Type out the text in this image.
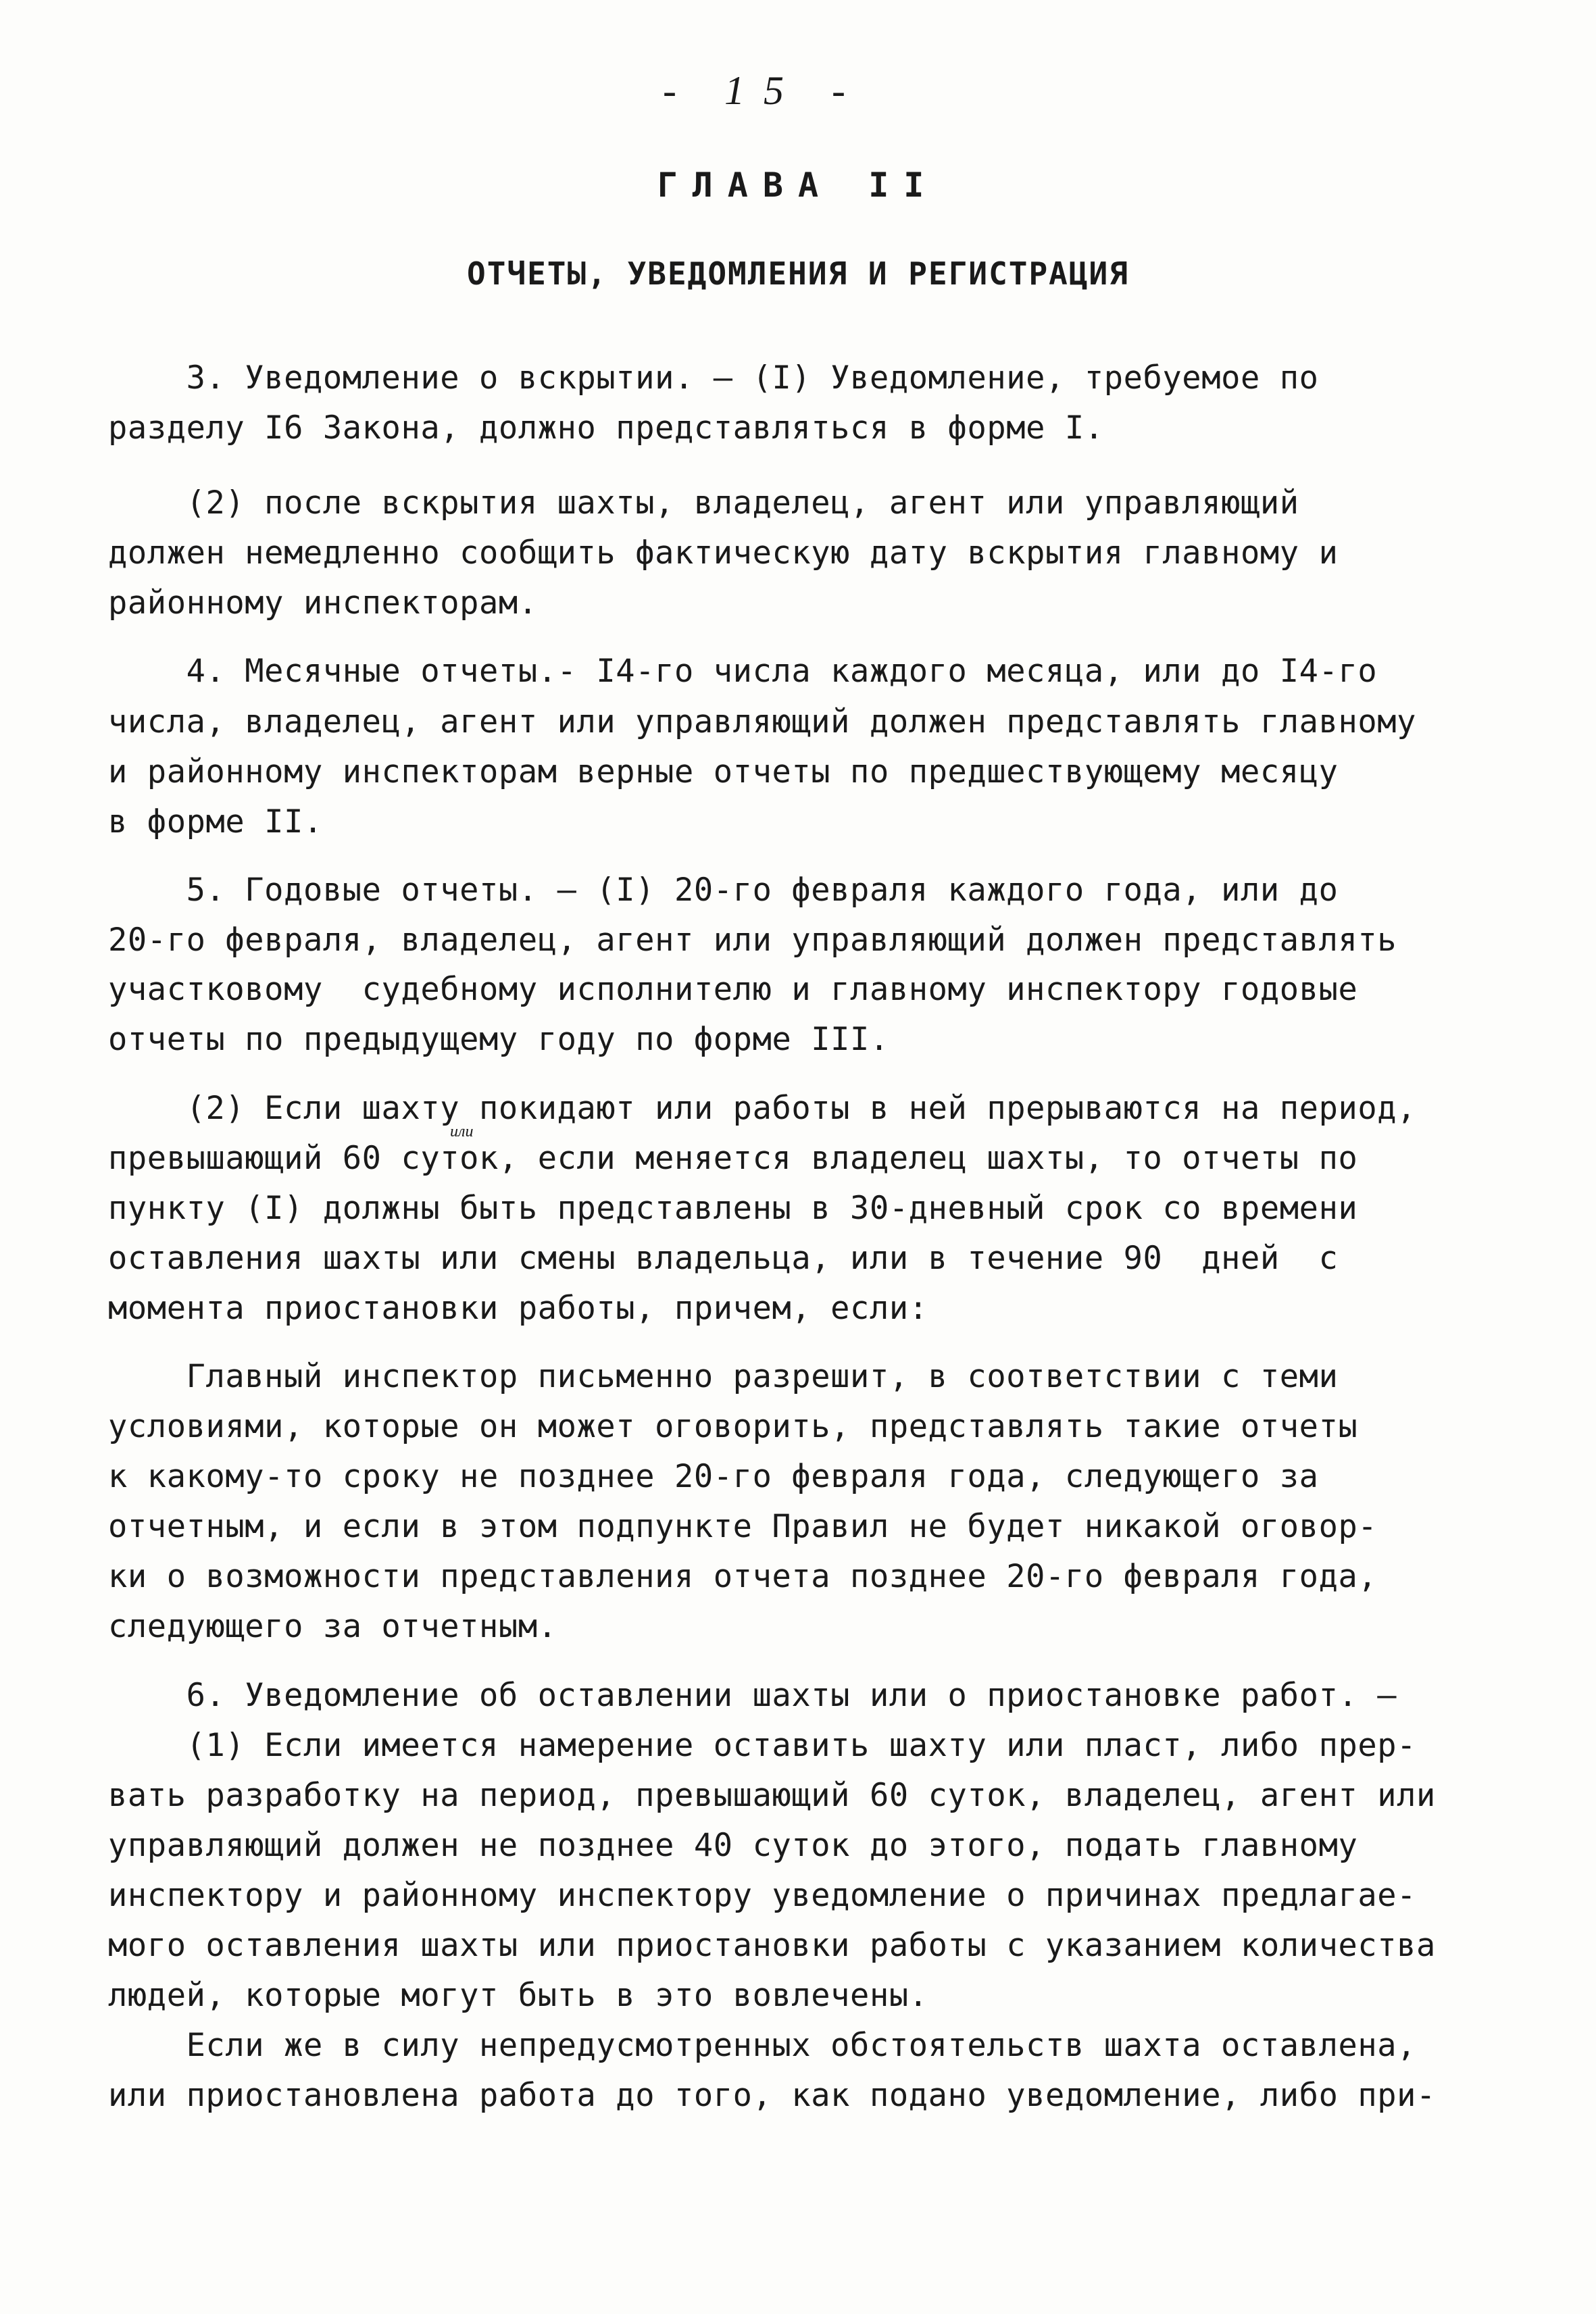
- 15 -
ГЛАВА II
ОТЧЕТЫ, УВЕДОМЛЕНИЯ И РЕГИСТРАЦИЯ
3. Уведомление о вскрытии. – (I) Уведомление, требуемое по
разделу I6 Закона, должно представляться в форме I.
(2) после вскрытия шахты, владелец, агент или управляющий
должен немедленно сообщить фактическую дату вскрытия главному и
районному инспекторам.
4. Месячные отчеты.- I4-го числа каждого месяца, или до I4-го
числа, владелец, агент или управляющий должен представлять главному
и районному инспекторам верные отчеты по предшествующему месяцу
в форме II.
5. Годовые отчеты. – (I) 20-го февраля каждого года, или до
20-го февраля, владелец, агент или управляющий должен представлять
участковому  судебному исполнителю и главному инспектору годовые
отчеты по предыдущему году по форме III.
(2) Если шахту покидают или работы в ней прерываются на период,
превышающий 60 суток, если меняется владелец шахты, то отчеты по
пункту (I) должны быть представлены в 30-дневный срок со времени
оставления шахты или смены владельца, или в течение 90  дней  с
момента приостановки работы, причем, если:
Главный инспектор письменно разрешит, в соответствии с теми
условиями, которые он может оговорить, представлять такие отчеты
к какому-то сроку не позднее 20-го февраля года, следующего за
отчетным, и если в этом подпункте Правил не будет никакой оговор-
ки о возможности представления отчета позднее 20-го февраля года,
следующего за отчетным.
6. Уведомление об оставлении шахты или о приостановке работ. –
(1) Если имеется намерение оставить шахту или пласт, либо прер-
вать разработку на период, превышающий 60 суток, владелец, агент или
управляющий должен не позднее 40 суток до этого, подать главному
инспектору и районному инспектору уведомление о причинах предлагае-
мого оставления шахты или приостановки работы с указанием количества
людей, которые могут быть в это вовлечены.
Если же в силу непредусмотренных обстоятельств шахта оставлена,
или приостановлена работа до того, как подано уведомление, либо при-
или
